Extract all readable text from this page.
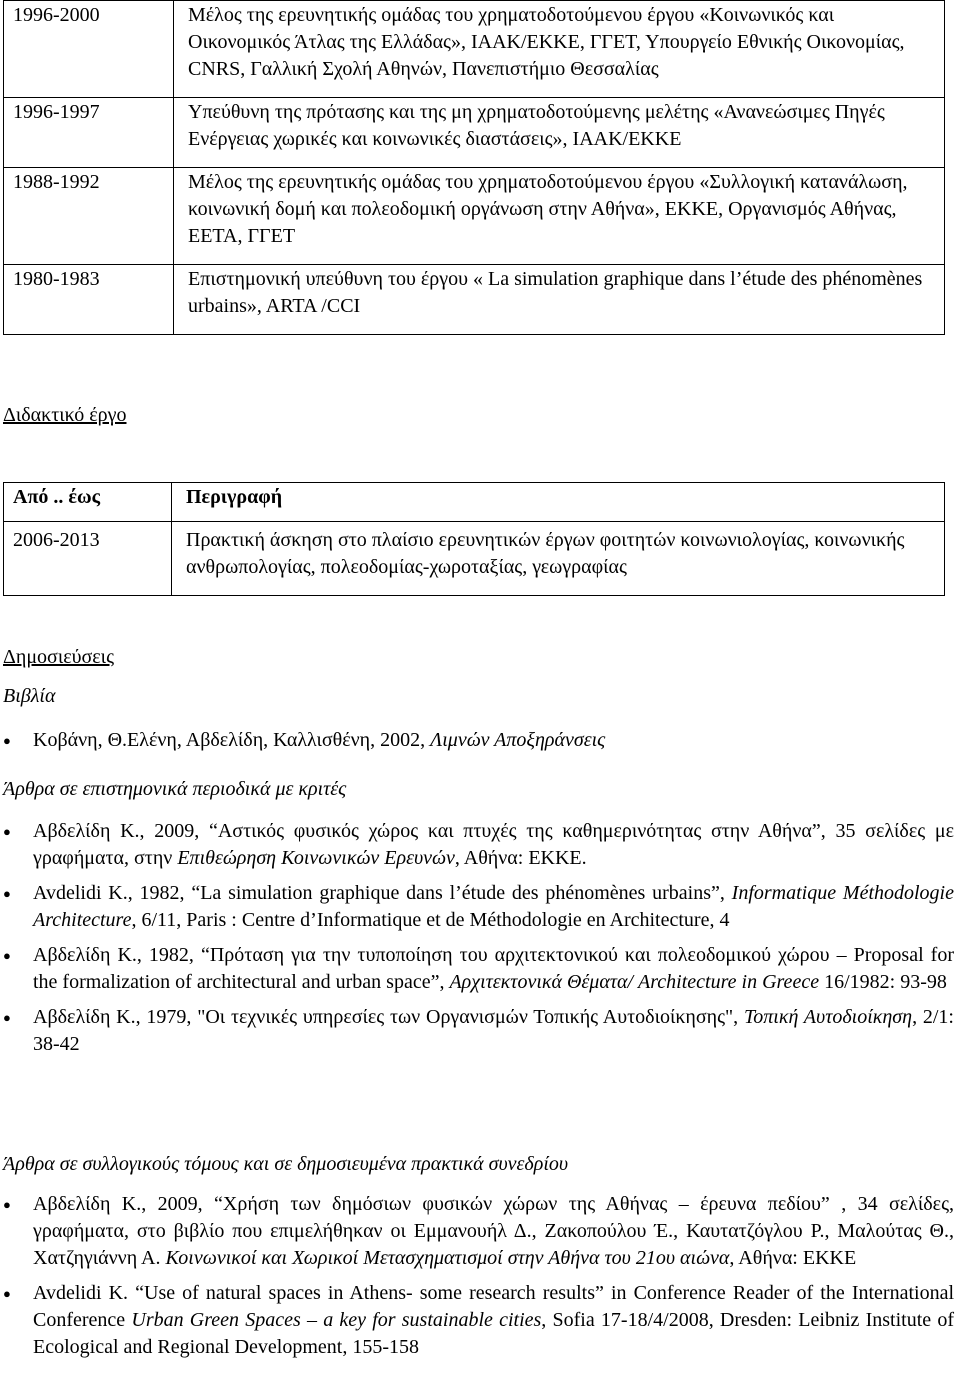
1996-2000	Μέλος της ερευνητικής ομάδας του χρηματοδοτούμενου έργου «Κοινωνικός και Οικονομικός Άτλας της Ελλάδας», ΙΑΑΚ/ΕΚΚΕ, ΓΓΕΤ, Υπουργείο Εθνικής Οικονομίας, CNRS, Γαλλική Σχολή Αθηνών, Πανεπιστήμιο Θεσσαλίας
1996-1997	Υπεύθυνη της πρότασης και της μη χρηματοδοτούμενης μελέτης «Ανανεώσιμες Πηγές Ενέργειας χωρικές και κοινωνικές διαστάσεις», ΙΑΑΚ/ΕΚΚΕ
1988-1992	Μέλος της ερευνητικής ομάδας του χρηματοδοτούμενου έργου «Συλλογική κατανάλωση, κοινωνική δομή και πολεοδομική οργάνωση στην Αθήνα», ΕΚΚΕ, Οργανισμός Αθήνας, ΕΕΤΑ, ΓΓΕΤ
1980-1983	Επιστημονική υπεύθυνη του έργου « La simulation graphique dans l’étude des phénomènes urbains», ARTA /CCI
Διδακτικό έργο
Από .. έως	Περιγραφή
2006-2013	Πρακτική άσκηση στο πλαίσιο ερευνητικών έργων φοιτητών κοινωνιολογίας, κοινωνικής ανθρωπολογίας, πολεοδομίας-χωροταξίας, γεωγραφίας
Δημοσιεύσεις

Βιβλία

● Κοβάνη, Θ.Ελένη, Αβδελίδη, Καλλισθένη, 2002, Λιμνών Αποξηράνσεις

Άρθρα σε επιστημονικά περιοδικά με κριτές

● Αβδελίδη Κ., 2009, “Αστικός φυσικός χώρος και πτυχές της καθημερινότητας στην Αθήνα”, 35 σελίδες με γραφήματα, στην Επιθεώρηση Κοινωνικών Ερευνών, Αθήνα: ΕΚΚΕ.
● Avdelidi K., 1982, “La simulation graphique dans l’étude des phénomènes urbains”, Informatique Méthodologie Architecture, 6/11, Paris : Centre d’Informatique et de Méthodologie en Architecture, 4
● Αβδελίδη Κ., 1982, “Πρόταση για την τυποποίηση του αρχιτεκτονικού και πολεοδομικού χώρου – Proposal for the formalization of architectural and urban space”, Αρχιτεκτονικά Θέματα/ Architecture in Greece 16/1982: 93-98
● Αβδελίδη Κ., 1979, "Οι τεχνικές υπηρεσίες των Οργανισμών Τοπικής Αυτοδιοίκησης", Τοπική Αυτοδιοίκηση, 2/1: 38-42

Άρθρα σε συλλογικούς τόμους και σε δημοσιευμένα πρακτικά συνεδρίου

● Αβδελίδη Κ., 2009, “Χρήση των δημόσιων φυσικών χώρων της Αθήνας – έρευνα πεδίου” , 34 σελίδες, γραφήματα, στο βιβλίο που επιμελήθηκαν οι Εμμανουήλ Δ., Ζακοπούλου Έ., Καυτατζόγλου Ρ., Μαλούτας Θ., Χατζηγιάννη Α. Κοινωνικοί και Χωρικοί Μετασχηματισμοί στην Αθήνα του 21ου αιώνα, Αθήνα: ΕΚΚΕ
● Avdelidi K. “Use of natural spaces in Athens- some research results” in Conference Reader of the International Conference Urban Green Spaces – a key for sustainable cities, Sofia 17-18/4/2008, Dresden: Leibniz Institute of Ecological and Regional Development, 155-158
